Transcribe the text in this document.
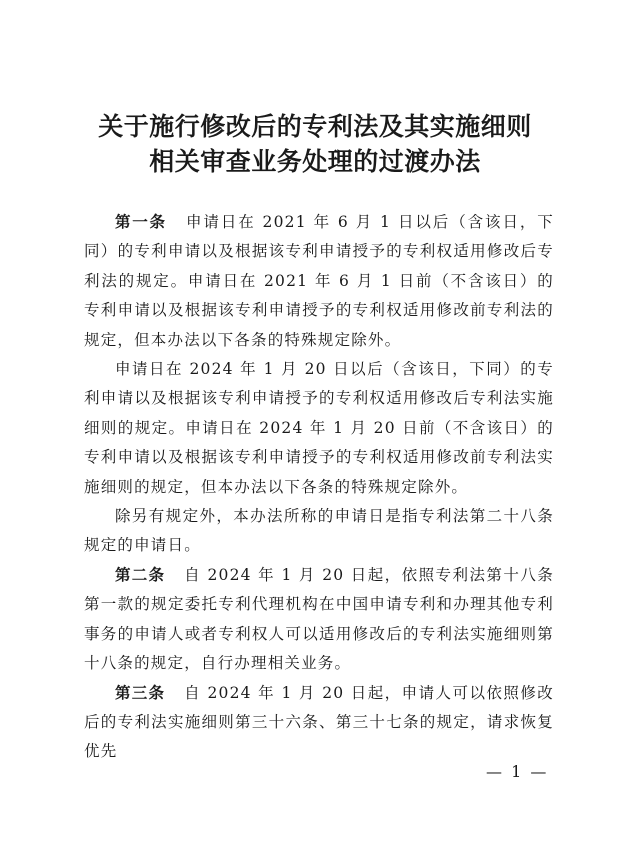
关于施行修改后的专利法及其实施细则
相关审查业务处理的过渡办法

第一条 申请日在 2021 年 6 月 1 日以后（含该日，下同）的专利申请以及根据该专利申请授予的专利权适用修改后专利法的规定。申请日在 2021 年 6 月 1 日前（不含该日）的专利申请以及根据该专利申请授予的专利权适用修改前专利法的规定，但本办法以下各条的特殊规定除外。

申请日在 2024 年 1 月 20 日以后（含该日，下同）的专利申请以及根据该专利申请授予的专利权适用修改后专利法实施细则的规定。申请日在 2024 年 1 月 20 日前（不含该日）的专利申请以及根据该专利申请授予的专利权适用修改前专利法实施细则的规定，但本办法以下各条的特殊规定除外。

除另有规定外，本办法所称的申请日是指专利法第二十八条规定的申请日。

第二条 自 2024 年 1 月 20 日起，依照专利法第十八条第一款的规定委托专利代理机构在中国申请专利和办理其他专利事务的申请人或者专利权人可以适用修改后的专利法实施细则第十八条的规定，自行办理相关业务。

第三条 自 2024 年 1 月 20 日起，申请人可以依照修改后的专利法实施细则第三十六条、第三十七条的规定，请求恢复优先

— 1 —
